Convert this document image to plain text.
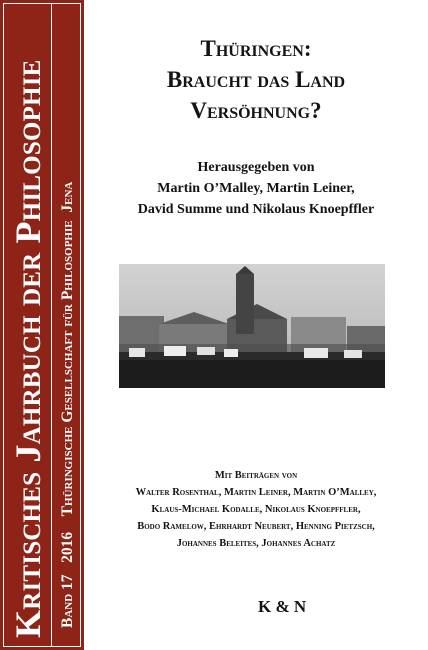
Kritisches Jahrbuch der Philosophie Band 17   2016    Thüringische Gesellschaft für Philosophie  Jena
Thüringen:
Braucht das Land
Versöhnung?
Herausgegeben von
Martin O’Malley, Martin Leiner,
David Summe und Nikolaus Knoepffler
Mit Beiträgen von
Walter Rosenthal, Martin Leiner, Martin O’Malley,
Klaus-Michael Kodalle, Nikolaus Knoepffler,
Bodo Ramelow, Ehrhardt Neubert, Henning Pietzsch,
Johannes Beleites, Johannes Achatz
K & N
